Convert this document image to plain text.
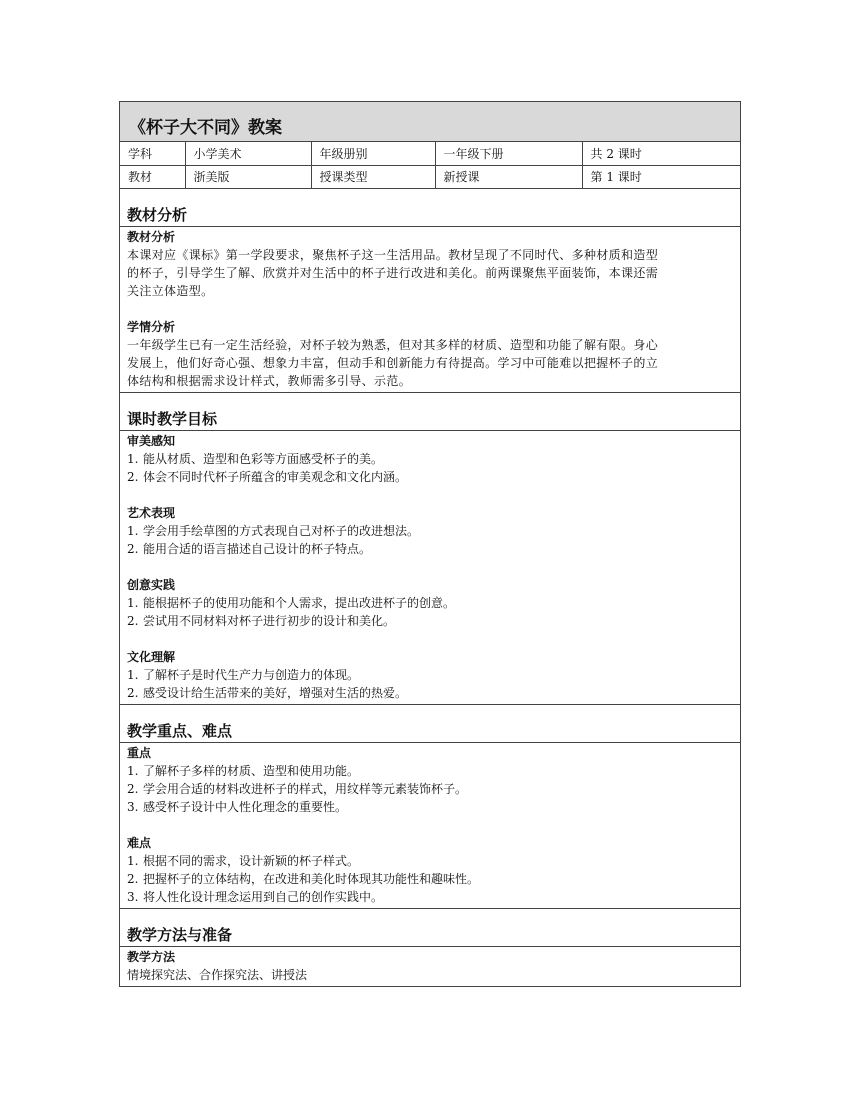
《杯子大不同》教案
学科	小学美术	年级册别	一年级下册	共 2 课时
教材	浙美版	授课类型	新授课	第 1 课时
教材分析
教材分析
本课对应《课标》第一学段要求，聚焦杯子这一生活用品。教材呈现了不同时代、多种材质和造型
的杯子，引导学生了解、欣赏并对生活中的杯子进行改进和美化。前两课聚焦平面装饰，本课还需
关注立体造型。
学情分析
一年级学生已有一定生活经验，对杯子较为熟悉，但对其多样的材质、造型和功能了解有限。身心
发展上，他们好奇心强、想象力丰富，但动手和创新能力有待提高。学习中可能难以把握杯子的立
体结构和根据需求设计样式，教师需多引导、示范。
课时教学目标
审美感知
1. 能从材质、造型和色彩等方面感受杯子的美。
2. 体会不同时代杯子所蕴含的审美观念和文化内涵。
艺术表现
1. 学会用手绘草图的方式表现自己对杯子的改进想法。
2. 能用合适的语言描述自己设计的杯子特点。
创意实践
1. 能根据杯子的使用功能和个人需求，提出改进杯子的创意。
2. 尝试用不同材料对杯子进行初步的设计和美化。
文化理解
1. 了解杯子是时代生产力与创造力的体现。
2. 感受设计给生活带来的美好，增强对生活的热爱。
教学重点、难点
重点
1. 了解杯子多样的材质、造型和使用功能。
2. 学会用合适的材料改进杯子的样式，用纹样等元素装饰杯子。
3. 感受杯子设计中人性化理念的重要性。
难点
1. 根据不同的需求，设计新颖的杯子样式。
2. 把握杯子的立体结构，在改进和美化时体现其功能性和趣味性。
3. 将人性化设计理念运用到自己的创作实践中。
教学方法与准备
教学方法
情境探究法、合作探究法、讲授法
